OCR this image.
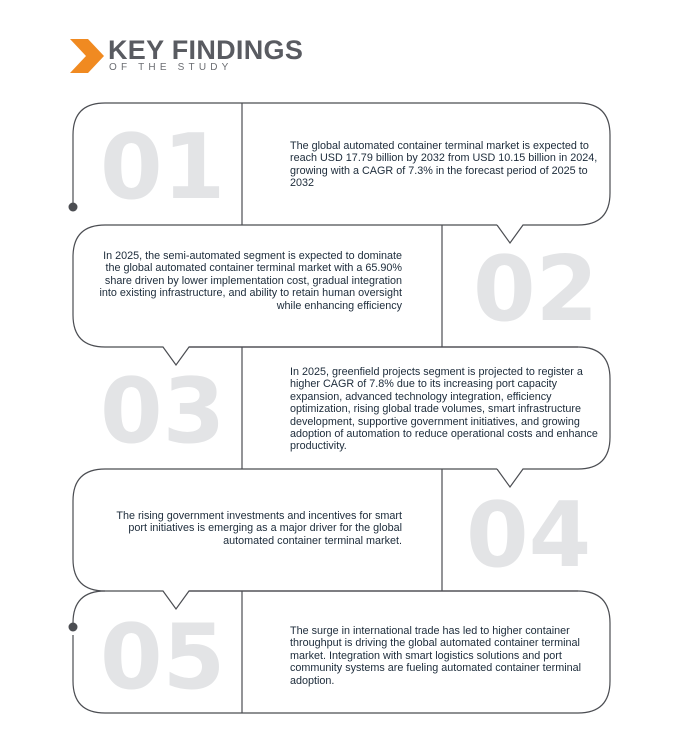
KEY FINDINGS
OF THE STUDY
01
02
03
04
05
The global automated container terminal market is expected to reach USD 17.79 billion by 2032 from USD 10.15 billion in 2024, growing with a CAGR of 7.3% in the forecast period of 2025 to 2032
In 2025, the semi-automated segment is expected to dominate the global automated container terminal market with a 65.90% share driven by lower implementation cost, gradual integration into existing infrastructure, and ability to retain human oversight while enhancing efficiency
In 2025, greenfield projects segment is projected to register a higher CAGR of 7.8% due to its increasing port capacity expansion, advanced technology integration, efficiency optimization, rising global trade volumes, smart infrastructure development, supportive government initiatives, and growing adoption of automation to reduce operational costs and enhance productivity.
The rising government investments and incentives for smart port initiatives is emerging as a major driver for the global automated container terminal market.
The surge in international trade has led to higher container throughput is driving the global automated container terminal market. Integration with smart logistics solutions and port community systems are fueling automated container terminal adoption.
